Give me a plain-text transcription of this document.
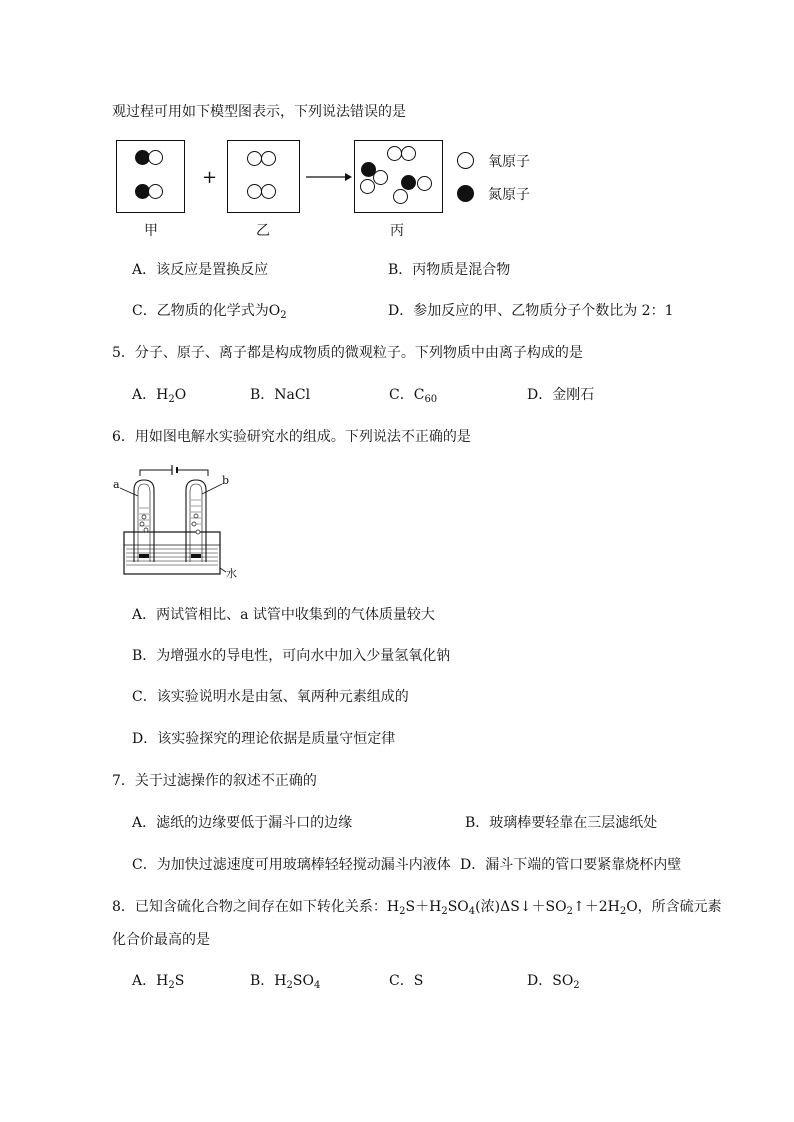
观过程可用如下模型图表示，下列说法错误的是
甲
+
乙	丙
氧原子
氮原子
A．该反应是置换反应	B．丙物质是混合物
C．乙物质的化学式为$O_2$	D．参加反应的甲、乙物质分子个数比为 2：1
5．分子、原子、离子都是构成物质的微观粒子。下列物质中由离子构成的是
A．$H_2O$	B．NaCl	C．$C_{60}$	D．金刚石
6．用如图电解水实验研究水的组成。下列说法不正确的是
a	b
水
A．两试管相比、a 试管中收集到的气体质量较大
B．为增强水的导电性，可向水中加入少量氢氧化钠
C．该实验说明水是由氢、氧两种元素组成的
D．该实验探究的理论依据是质量守恒定律
7．关于过滤操作的叙述不正确的
A．滤纸的边缘要低于漏斗口的边缘	B．玻璃棒要轻靠在三层滤纸处
C．为加快过滤速度可用玻璃棒轻轻搅动漏斗内液体 D．漏斗下端的管口要紧靠烧杯内壁
8．已知含硫化合物之间存在如下转化关系：$H_2S+H_2SO_4$(浓)$\Delta S↓+SO_2↑+2H_2O$，所含硫元素
化合价最高的是
A．$H_2S$	B．$H_2SO_4$	C．S	D．$SO_2$
